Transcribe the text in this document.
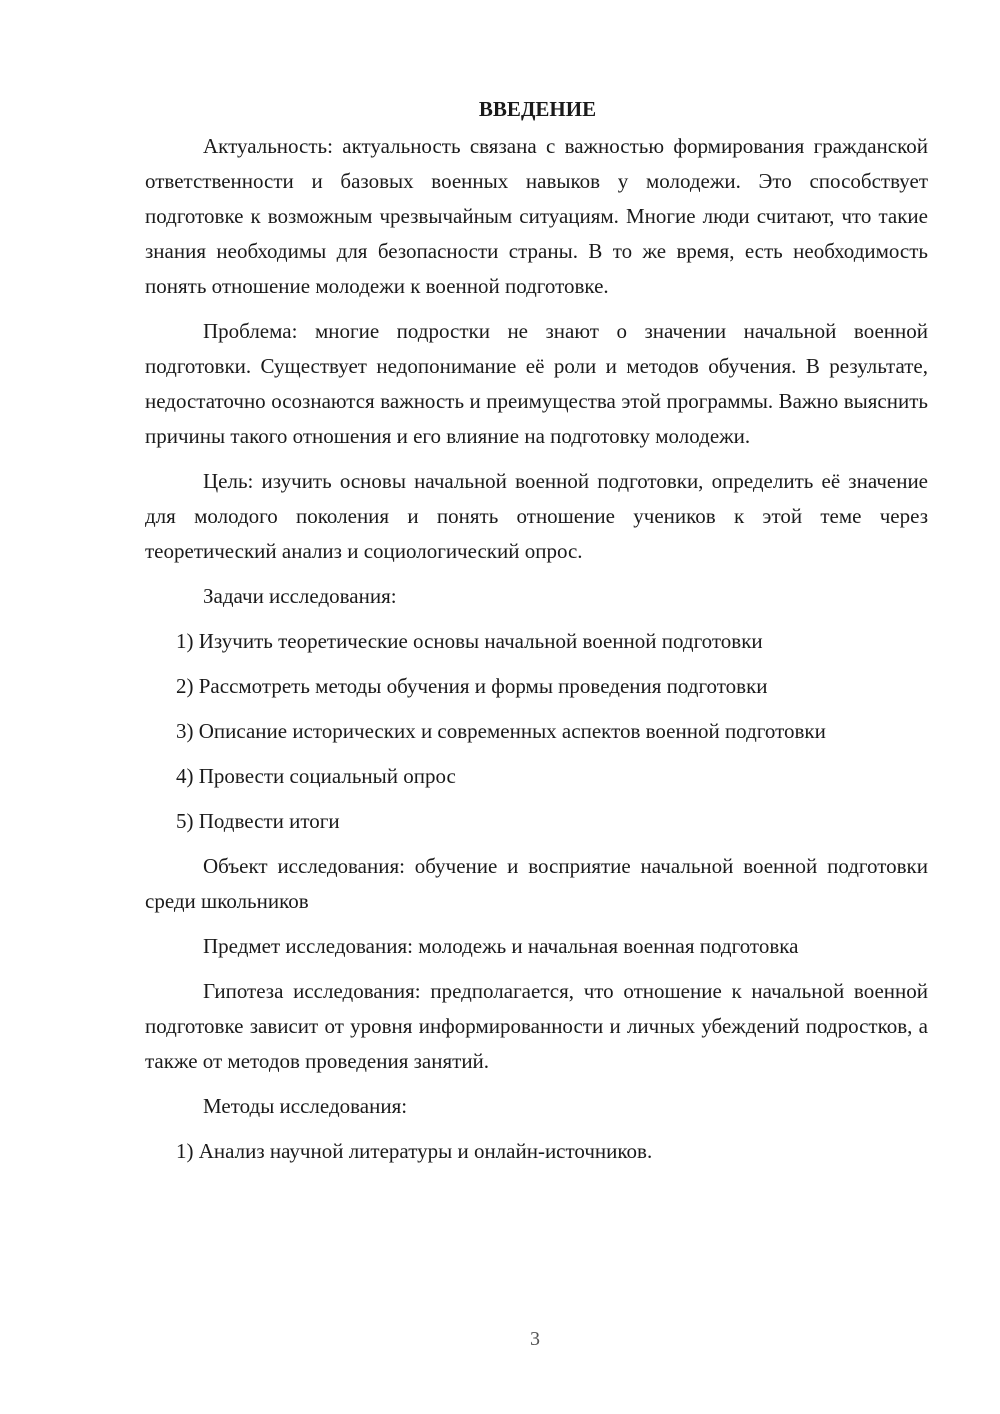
ВВЕДЕНИЕ
Актуальность: актуальность связана с важностью формирования гражданской ответственности и базовых военных навыков у молодежи. Это способствует подготовке к возможным чрезвычайным ситуациям. Многие люди считают, что такие знания необходимы для безопасности страны. В то же время, есть необходимость понять отношение молодежи к военной подготовке.
Проблема: многие подростки не знают о значении начальной военной подготовки. Существует недопонимание её роли и методов обучения. В результате, недостаточно осознаются важность и преимущества этой программы. Важно выяснить причины такого отношения и его влияние на подготовку молодежи.
Цель: изучить основы начальной военной подготовки, определить её значение для молодого поколения и понять отношение учеников к этой теме через теоретический анализ и социологический опрос.
Задачи исследования:
1) Изучить теоретические основы начальной военной подготовки
2) Рассмотреть методы обучения и формы проведения подготовки
3) Описание исторических и современных аспектов военной подготовки
4) Провести социальный опрос
5) Подвести итоги
Объект исследования: обучение и восприятие начальной военной подготовки среди школьников
Предмет исследования: молодежь и начальная военная подготовка
Гипотеза исследования: предполагается, что отношение к начальной военной подготовке зависит от уровня информированности и личных убеждений подростков, а также от методов проведения занятий.
Методы исследования:
1) Анализ научной литературы и онлайн-источников.
3
